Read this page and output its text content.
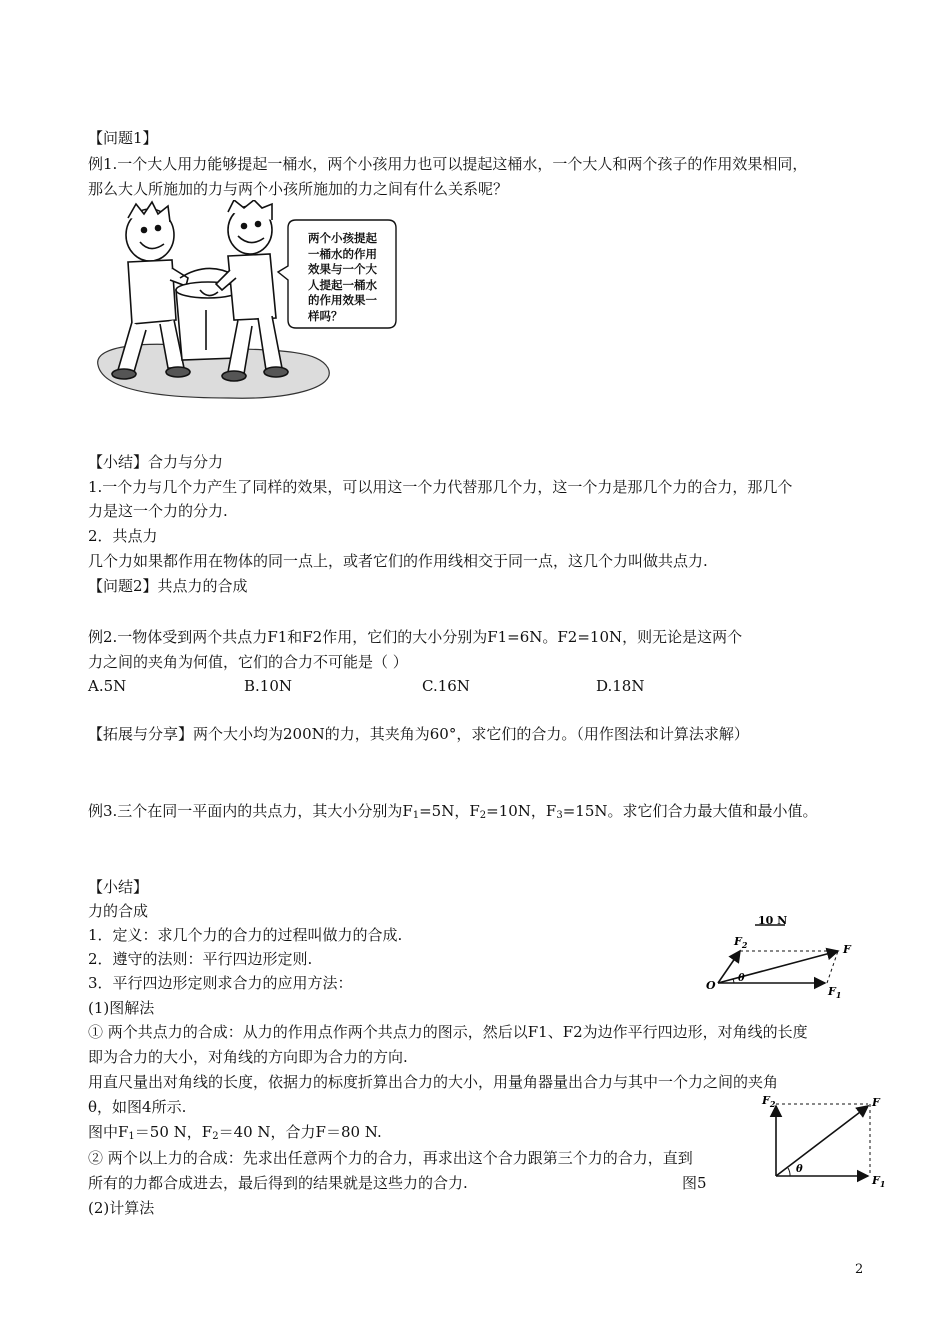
【问题1】
例1.一个大人用力能够提起一桶水，两个小孩用力也可以提起这桶水，一个大人和两个孩子的作用效果相同，
那么大人所施加的力与两个小孩所施加的力之间有什么关系呢？
两个小孩提起
一桶水的作用
效果与一个大
人提起一桶水
的作用效果一
样吗？
【小结】合力与分力
1.一个力与几个力产生了同样的效果，可以用这一个力代替那几个力，这一个力是那几个力的合力，那几个
力是这一个力的分力.
2．共点力
几个力如果都作用在物体的同一点上，或者它们的作用线相交于同一点，这几个力叫做共点力.
【问题2】共点力的合成
例2.一物体受到两个共点力F1和F2作用，它们的大小分别为F1=6N。F2=10N，则无论是这两个
力之间的夹角为何值，它们的合力不可能是（ ）
A.5N	B.10N	C.16N	D.18N
【拓展与分享】两个大小均为200N的力，其夹角为60°，求它们的合力。（用作图法和计算法求解）
例3.三个在同一平面内的共点力，其大小分别为$F_1=5N$，$F_2=10N$，$F_3=15N$。求它们合力最大值和最小值。
【小结】
力的合成
1．定义：求几个力的合力的过程叫做力的合成.
2．遵守的法则：平行四边形定则.
3．平行四边形定则求合力的应用方法：
(1)图解法
① 两个共点力的合成：从力的作用点作两个共点力的图示，然后以F1、F2为边作平行四边形，对角线的长度
即为合力的大小，对角线的方向即为合力的方向.
用直尺量出对角线的长度，依据力的标度折算出合力的大小，用量角器量出合力与其中一个力之间的夹角
θ，如图4所示.
图中$F_1=50$ N，$F_2=40$ N，合力F＝80 N.
② 两个以上力的合成：先求出任意两个力的合力，再求出这个合力跟第三个力的合力，直到
所有的力都合成进去，最后得到的结果就是这些力的合力.	图5
(2)计算法
10 N
$F_2$	F
O
θ
$F_1$
$F_2$	F
θ
$F_1$
2
